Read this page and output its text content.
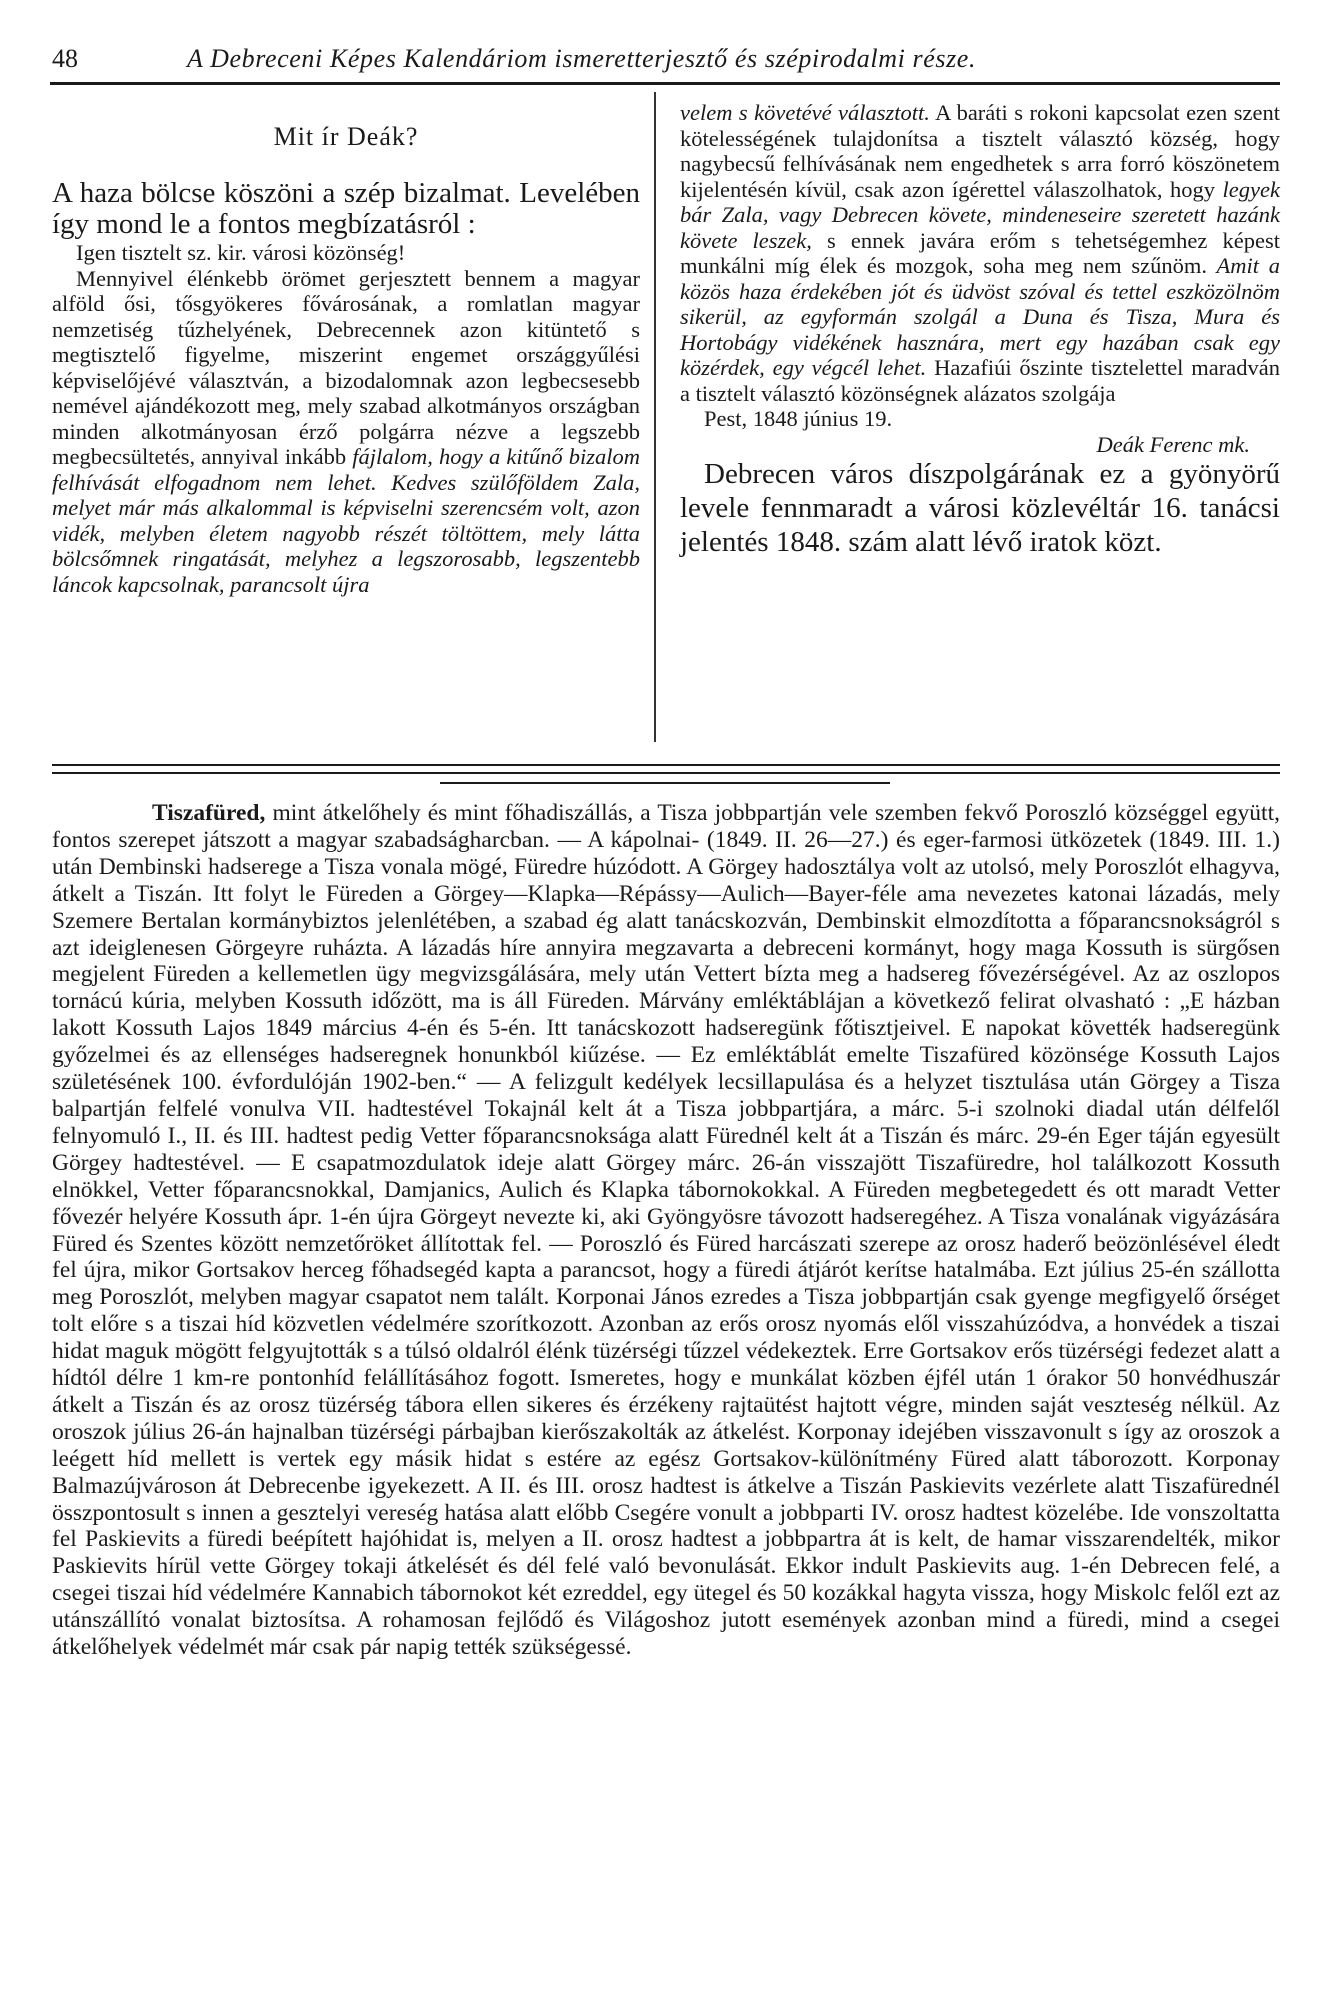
48	A Debreceni Képes Kalendáriom ismeretterjesztő és szépirodalmi része.
Mit ír Deák?

A haza bölcse köszöni a szép bizalmat. Levelében így mond le a fontos megbízatásról :

Igen tisztelt sz. kir. városi közönség!

Mennyivel élénkebb örömet gerjesztett bennem a magyar alföld ősi, tősgyökeres fővárosának, a romlatlan magyar nemzetiség tűzhelyének, Debrecennek azon kitüntető s megtisztelő figyelme, miszerint engemet országgyűlési képviselőjévé választván, a bizodalomnak azon legbecsesebb nemével ajándékozott meg, mely szabad alkotmányos országban minden alkotmányosan érző polgárra nézve a legszebb megbecsültetés, annyival inkább fájlalom, hogy a kitűnő bizalom felhívását elfogadnom nem lehet. Kedves szülőföldem Zala, melyet már más alkalommal is képviselni szerencsém volt, azon vidék, melyben életem nagyobb részét töltöttem, mely látta bölcsőmnek ringatását, melyhez a legszorosabb, legszentebb láncok kapcsolnak, parancsolt újra

velem s követévé választott. A baráti s rokoni kapcsolat ezen szent kötelességének tulajdonítsa a tisztelt választó község, hogy nagybecsű felhívásának nem engedhetek s arra forró köszönetem kijelentésén kívül, csak azon ígérettel válaszolhatok, hogy legyek bár Zala, vagy Debrecen követe, mindeneseire szeretett hazánk követe leszek, s ennek javára erőm s tehetségemhez képest munkálni míg élek és mozgok, soha meg nem szűnöm. Amit a közös haza érdekében jót és üdvöst szóval és tettel eszközölnöm sikerül, az egyformán szolgál a Duna és Tisza, Mura és Hortobágy vidékének hasznára, mert egy hazában csak egy közérdek, egy végcél lehet. Hazafiúi őszinte tisztelettel maradván a tisztelt választó közönségnek alázatos szolgája

Pest, 1848 június 19.

Deák Ferenc mk.

Debrecen város díszpolgárának ez a gyönyörű levele fennmaradt a városi közlevéltár 16. tanácsi jelentés 1848. szám alatt lévő iratok közt.

Tiszafüred, mint átkelőhely és mint főhadiszállás, a Tisza jobbpartján vele szemben fekvő Poroszló községgel együtt, fontos szerepet játszott a magyar szabadságharcban. — A kápolnai- (1849. II. 26—27.) és eger-farmosi ütközetek (1849. III. 1.) után Dembinski hadserege a Tisza vonala mögé, Füredre húzódott. A Görgey hadosztálya volt az utolsó, mely Poroszlót elhagyva, átkelt a Tiszán. Itt folyt le Füreden a Görgey—Klapka—Répássy—Aulich—Bayer-féle ama nevezetes katonai lázadás, mely Szemere Bertalan kormánybiztos jelenlétében, a szabad ég alatt tanácskozván, Dembinskit elmozdította a főparancsnokságról s azt ideiglenesen Görgeyre ruházta. A lázadás híre annyira megzavarta a debreceni kormányt, hogy maga Kossuth is sürgősen megjelent Füreden a kellemetlen ügy megvizsgálására, mely után Vettert bízta meg a hadsereg fővezérségével. Az az oszlopos tornácú kúria, melyben Kossuth időzött, ma is áll Füreden. Márvány emléktáblájan a következő felirat olvasható : „E házban lakott Kossuth Lajos 1849 március 4-én és 5-én. Itt tanácskozott hadseregünk főtisztjeivel. E napokat követték hadseregünk győzelmei és az ellenséges hadseregnek honunkból kiűzése. — Ez emléktáblát emelte Tiszafüred közönsége Kossuth Lajos születésének 100. évfordulóján 1902-ben.“ — A felizgult kedélyek lecsillapulása és a helyzet tisztulása után Görgey a Tisza balpartján felfelé vonulva VII. hadtestével Tokajnál kelt át a Tisza jobbpartjára, a márc. 5-i szolnoki diadal után délfelől felnyomuló I., II. és III. hadtest pedig Vetter főparancsnoksága alatt Fürednél kelt át a Tiszán és márc. 29-én Eger táján egyesült Görgey hadtestével. — E csapatmozdulatok ideje alatt Görgey márc. 26-án visszajött Tiszafüredre, hol találkozott Kossuth elnökkel, Vetter főparancsnokkal, Damjanics, Aulich és Klapka tábornokokkal. A Füreden megbetegedett és ott maradt Vetter fővezér helyére Kossuth ápr. 1-én újra Görgeyt nevezte ki, aki Gyöngyösre távozott hadseregéhez. A Tisza vonalának vigyázására Füred és Szentes között nemzetőröket állítottak fel. — Poroszló és Füred harcászati szerepe az orosz haderő beözönlésével éledt fel újra, mikor Gortsakov herceg főhadsegéd kapta a parancsot, hogy a füredi átjárót kerítse hatalmába. Ezt július 25-én szállotta meg Poroszlót, melyben magyar csapatot nem talált. Korponai János ezredes a Tisza jobbpartján csak gyenge megfigyelő őrséget tolt előre s a tiszai híd közvetlen védelmére szorítkozott. Azonban az erős orosz nyomás elől visszahúzódva, a honvédek a tiszai hidat maguk mögött felgyujtották s a túlsó oldalról élénk tüzérségi tűzzel védekeztek. Erre Gortsakov erős tüzérségi fedezet alatt a hídtól délre 1 km-re pontonhíd felállításához fogott. Ismeretes, hogy e munkálat közben éjfél után 1 órakor 50 honvédhuszár átkelt a Tiszán és az orosz tüzérség tábora ellen sikeres és érzékeny rajtaütést hajtott végre, minden saját veszteség nélkül. Az oroszok július 26-án hajnalban tüzérségi párbajban kierőszakolták az átkelést. Korponay idejében visszavonult s így az oroszok a leégett híd mellett is vertek egy másik hidat s estére az egész Gortsakov-különítmény Füred alatt táborozott. Korponay Balmazújvároson át Debrecenbe igyekezett. A II. és III. orosz hadtest is átkelve a Tiszán Paskievits vezérlete alatt Tiszafürednél összpontosult s innen a gesztelyi vereség hatása alatt előbb Csegére vonult a jobbparti IV. orosz hadtest közelébe. Ide vonszoltatta fel Paskievits a füredi beépített hajóhidat is, melyen a II. orosz hadtest a jobbpartra át is kelt, de hamar visszarendelték, mikor Paskievits hírül vette Görgey tokaji átkelését és dél felé való bevonulását. Ekkor indult Paskievits aug. 1-én Debrecen felé, a csegei tiszai híd védelmére Kannabich tábornokot két ezreddel, egy ütegel és 50 kozákkal hagyta vissza, hogy Miskolc felől ezt az utánszállító vonalat biztosítsa. A rohamosan fejlődő és Világoshoz jutott események azonban mind a füredi, mind a csegei átkelőhelyek védelmét már csak pár napig tették szükségessé.
